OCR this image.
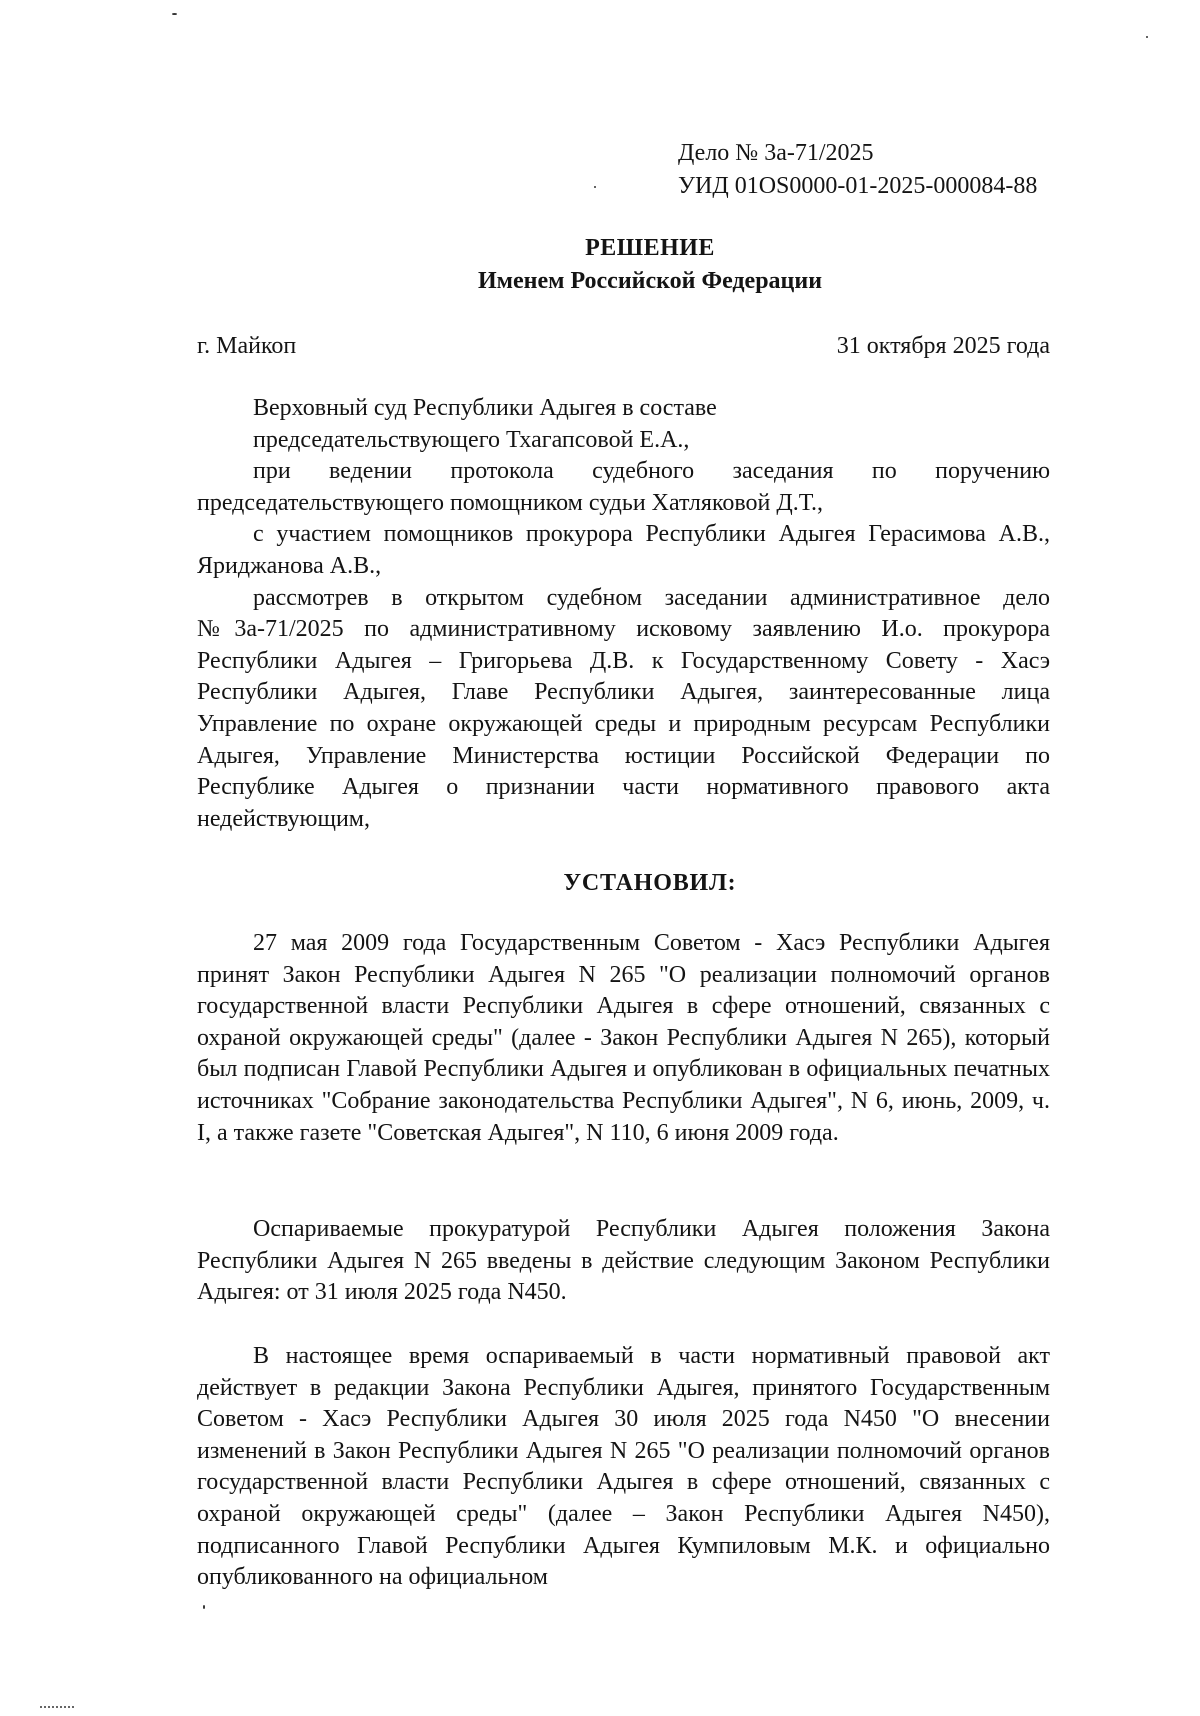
Дело № 3а-71/2025
УИД 01OS0000-01-2025-000084-88
РЕШЕНИЕ
Именем Российской Федерации
г. Майкоп	31 октября 2025 года

Верховный суд Республики Адыгея в составе

председательствующего Тхагапсовой Е.А.,

при ведении протокола судебного заседания по поручению председательствующего помощником судьи Хатляковой Д.Т.,

с участием помощников прокурора Республики Адыгея Герасимова А.В., Яриджанова А.В.,

рассмотрев в открытом судебном заседании административное дело №3а-71/2025 по административному исковому заявлению И.о. прокурора Республики Адыгея – Григорьева Д.В. к Государственному Совету - Хасэ Республики Адыгея, Главе Республики Адыгея, заинтересованные лица Управление по охране окружающей среды и природным ресурсам Республики Адыгея, Управление Министерства юстиции Российской Федерации по Республике Адыгея о признании части нормативного правового акта недействующим,

УСТАНОВИЛ:

27 мая 2009 года Государственным Советом - Хасэ Республики Адыгея принят Закон Республики Адыгея N 265 "О реализации полномочий органов государственной власти Республики Адыгея в сфере отношений, связанных с охраной окружающей среды" (далее - Закон Республики Адыгея N 265), который был подписан Главой Республики Адыгея и опубликован в официальных печатных источниках "Собрание законодательства Республики Адыгея", N 6, июнь, 2009, ч. I, а также газете "Советская Адыгея", N 110, 6 июня 2009 года.

Оспариваемые прокуратурой Республики Адыгея положения Закона Республики Адыгея N 265 введены в действие следующим Законом Республики Адыгея: от 31 июля 2025 года N450.

В настоящее время оспариваемый в части нормативный правовой акт действует в редакции Закона Республики Адыгея, принятого Государственным Советом - Хасэ Республики Адыгея 30 июля 2025 года N450 "О внесении изменений в Закон Республики Адыгея N 265 "О реализации полномочий органов государственной власти Республики Адыгея в сфере отношений, связанных с охраной окружающей среды" (далее – Закон Республики Адыгея N450), подписанного Главой Республики Адыгея Кумпиловым М.К. и официально опубликованного на официальном
